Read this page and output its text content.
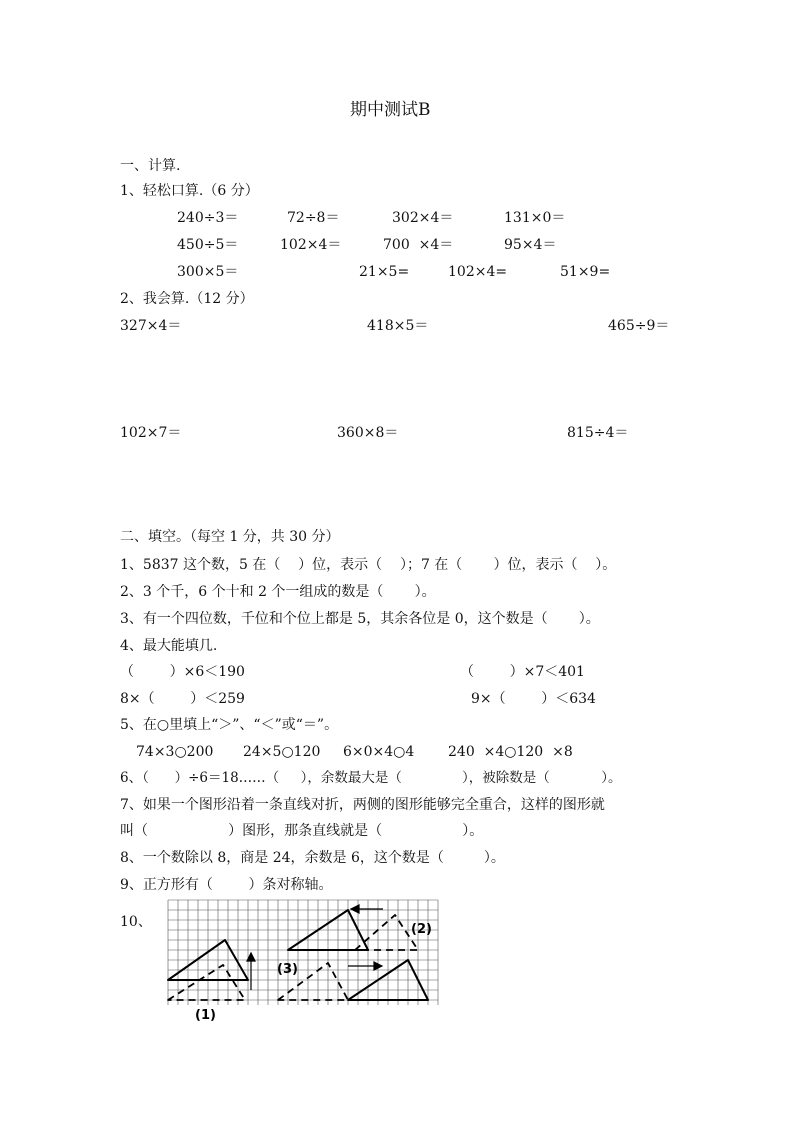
期中测试B
一、计算.
1、轻松口算.（6 分）
240÷3＝	72÷8＝	302×4＝	131×0＝
450÷5＝	102×4＝	700  ×4＝	95×4＝
300×5＝	21×5=	102×4=	51×9=
2、我会算.（12 分）
327×4＝	418×5＝	465÷9＝
102×7＝	360×8＝	815÷4＝
二、填空。（每空 1 分，共 30 分）
1、5837 这个数，5 在（    ）位，表示（    ）；7 在（       ）位，表示（    ）。
2、3 个千，6 个十和 2 个一组成的数是（       ）。
3、有一个四位数，千位和个位上都是 5，其余各位是 0，这个数是（       ）。
4、最大能填几.
（        ）×6＜190	（        ）×7＜401
8×（        ）＜259	9×（        ）＜634
5、在○里填上“＞”、“＜”或“＝”。
74×3○200 24×5○120 6×0×4○4 240  ×4○120  ×8
6、（      ）÷6＝18……（     ），余数最大是（              ），被除数是（            ）。
7、如果一个图形沿着一条直线对折，两侧的图形能够完全重合，这样的图形就
叫（                  ）图形，那条直线就是（                  ）。
8、一个数除以 8，商是 24，余数是 6，这个数是（         ）。
9、正方形有（        ）条对称轴。
10、
(1)
(2)
(3)
